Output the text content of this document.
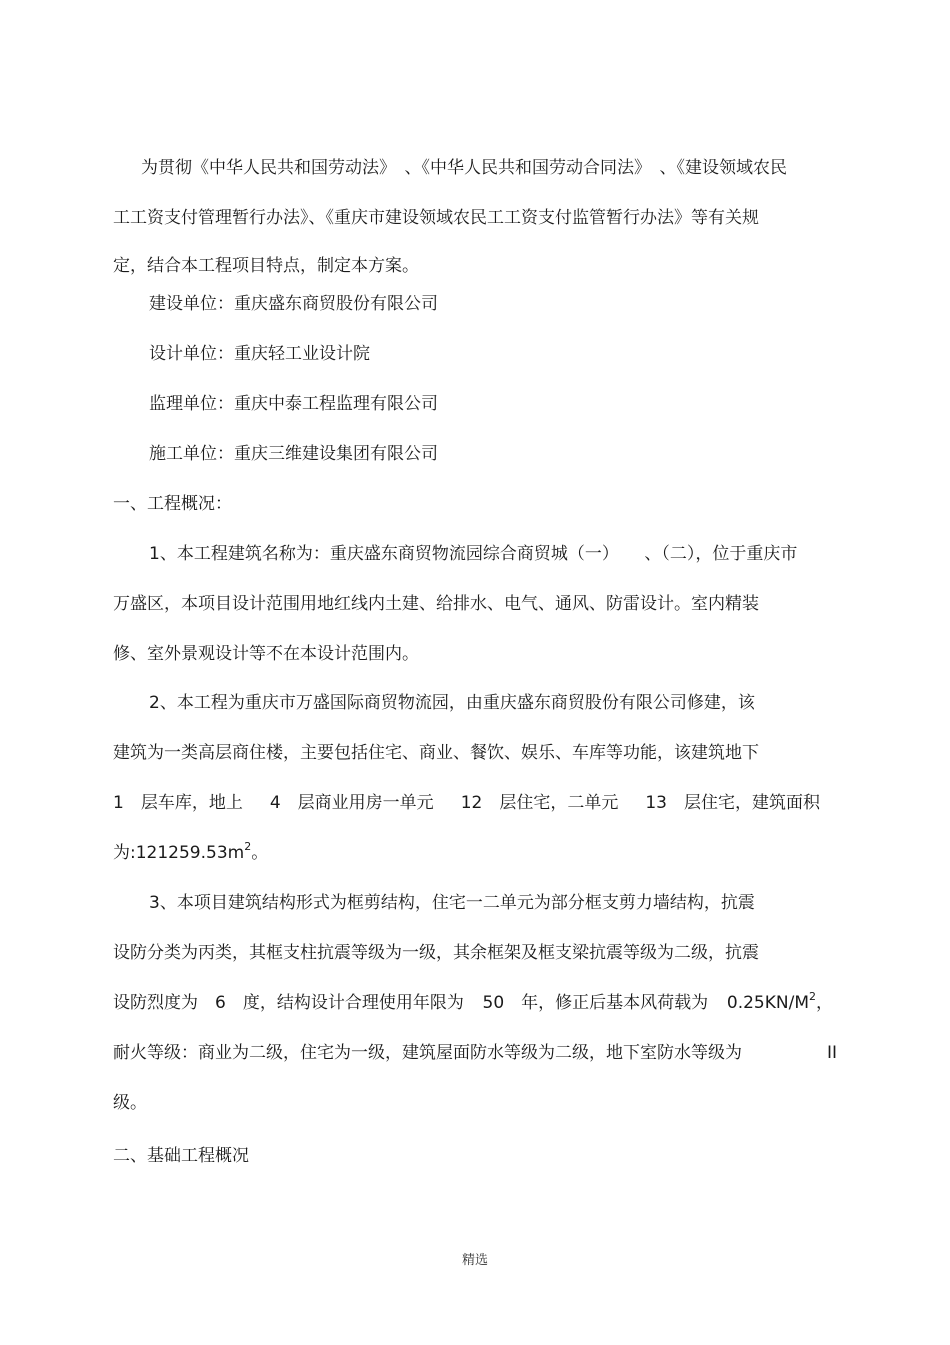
为贯彻《中华人民共和国劳动法》　、《中华人民共和国劳动合同法》　、《建设领域农民

工工资支付管理暂行办法》、《重庆市建设领域农民工工资支付监管暂行办法》等有关规

定，结合本工程项目特点，制定本方案。

建设单位：重庆盛东商贸股份有限公司

设计单位：重庆轻工业设计院

监理单位：重庆中泰工程监理有限公司

施工单位：重庆三维建设集团有限公司

一、工程概况：

1、本工程建筑名称为：重庆盛东商贸物流园综合商贸城（一）　　、（二），位于重庆市

万盛区，本项目设计范围用地红线内土建、给排水、电气、通风、防雷设计。室内精装

修、室外景观设计等不在本设计范围内。

2、本工程为重庆市万盛国际商贸物流园，由重庆盛东商贸股份有限公司修建，该

建筑为一类高层商住楼，主要包括住宅、商业、餐饮、娱乐、车库等功能，该建筑地下

1　层车库，地上 4　层商业用房一单元 12　层住宅，二单元 13　层住宅，建筑面积

为$:121259.53m^2$。

3、本项目建筑结构形式为框剪结构，住宅一二单元为部分框支剪力墙结构，抗震

设防分类为丙类，其框支柱抗震等级为一级，其余框架及框支梁抗震等级为二级，抗震

设防烈度为　6　度，结构设计合理使用年限为 50　年，修正后基本风荷载为 $0.25KN/M^2$，

耐火等级：商业为二级，住宅为一级，建筑屋面防水等级为二级，地下室防水等级为	II

级。

二、基础工程概况

精选
